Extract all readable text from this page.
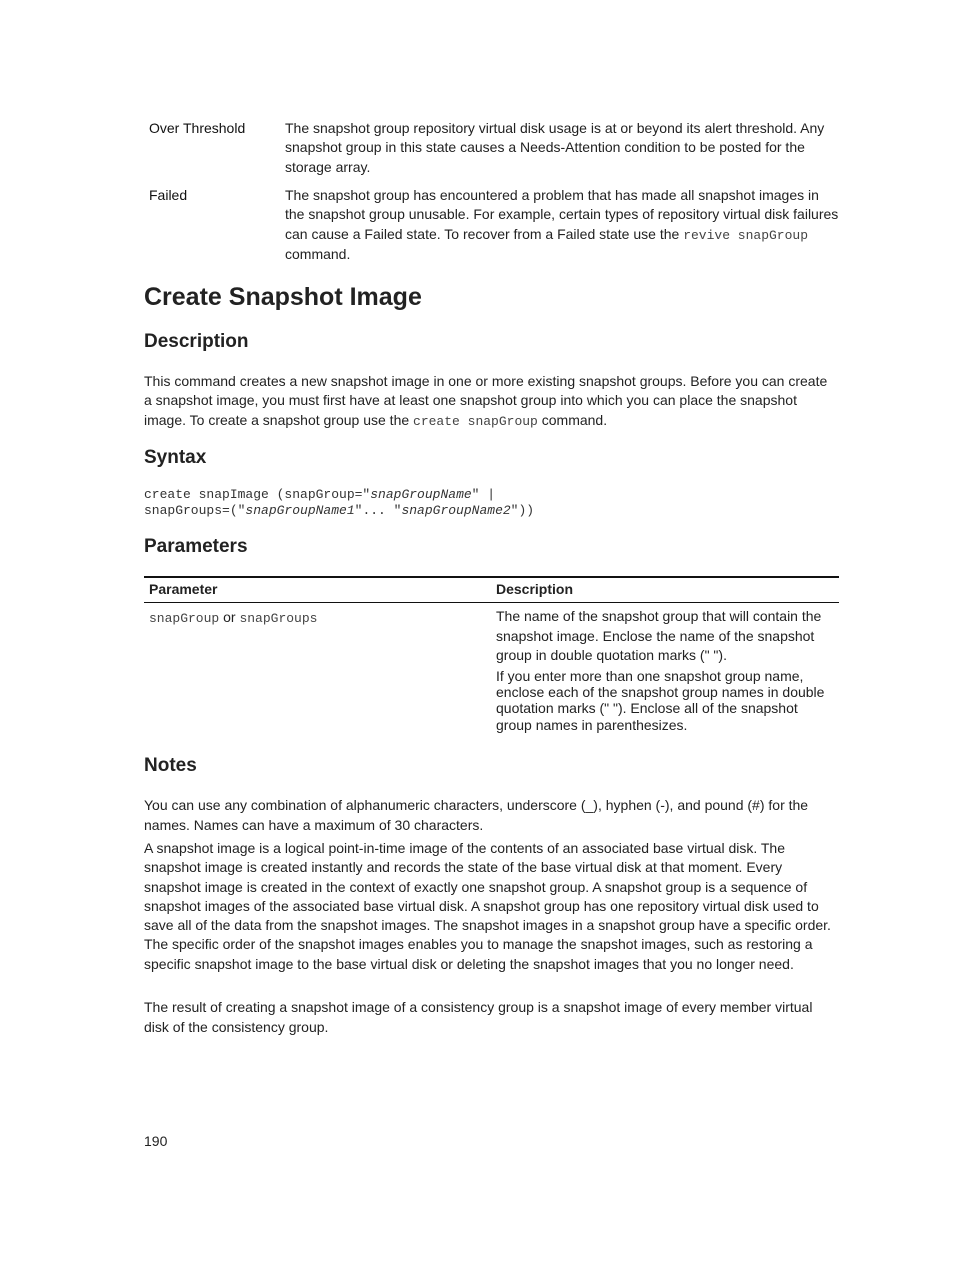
Over Threshold	The snapshot group repository virtual disk usage is at or beyond its alert threshold. Any snapshot group in this state causes a Needs-Attention condition to be posted for the storage array.
Failed	The snapshot group has encountered a problem that has made all snapshot images in the snapshot group unusable. For example, certain types of repository virtual disk failures can cause a Failed state. To recover from a Failed state use the revive snapGroup command.
Create Snapshot Image
Description

This command creates a new snapshot image in one or more existing snapshot groups. Before you can create a snapshot image, you must first have at least one snapshot group into which you can place the snapshot image. To create a snapshot group use the create snapGroup command.

Syntax
create snapImage (snapGroup="snapGroupName" |
snapGroups=("snapGroupName1"... "snapGroupName2"))
Parameters
Parameter	Description
snapGroup or snapGroups	The name of the snapshot group that will contain the snapshot image. Enclose the name of the snapshot group in double quotation marks (" ").
If you enter more than one snapshot group name, enclose each of the snapshot group names in double quotation marks (" "). Enclose all of the snapshot group names in parenthesizes.
Notes

You can use any combination of alphanumeric characters, underscore (_), hyphen (-), and pound (#) for the names. Names can have a maximum of 30 characters.

A snapshot image is a logical point-in-time image of the contents of an associated base virtual disk. The snapshot image is created instantly and records the state of the base virtual disk at that moment. Every snapshot image is created in the context of exactly one snapshot group. A snapshot group is a sequence of snapshot images of the associated base virtual disk. A snapshot group has one repository virtual disk used to save all of the data from the snapshot images. The snapshot images in a snapshot group have a specific order. The specific order of the snapshot images enables you to manage the snapshot images, such as restoring a specific snapshot image to the base virtual disk or deleting the snapshot images that you no longer need.

The result of creating a snapshot image of a consistency group is a snapshot image of every member virtual disk of the consistency group.

190
